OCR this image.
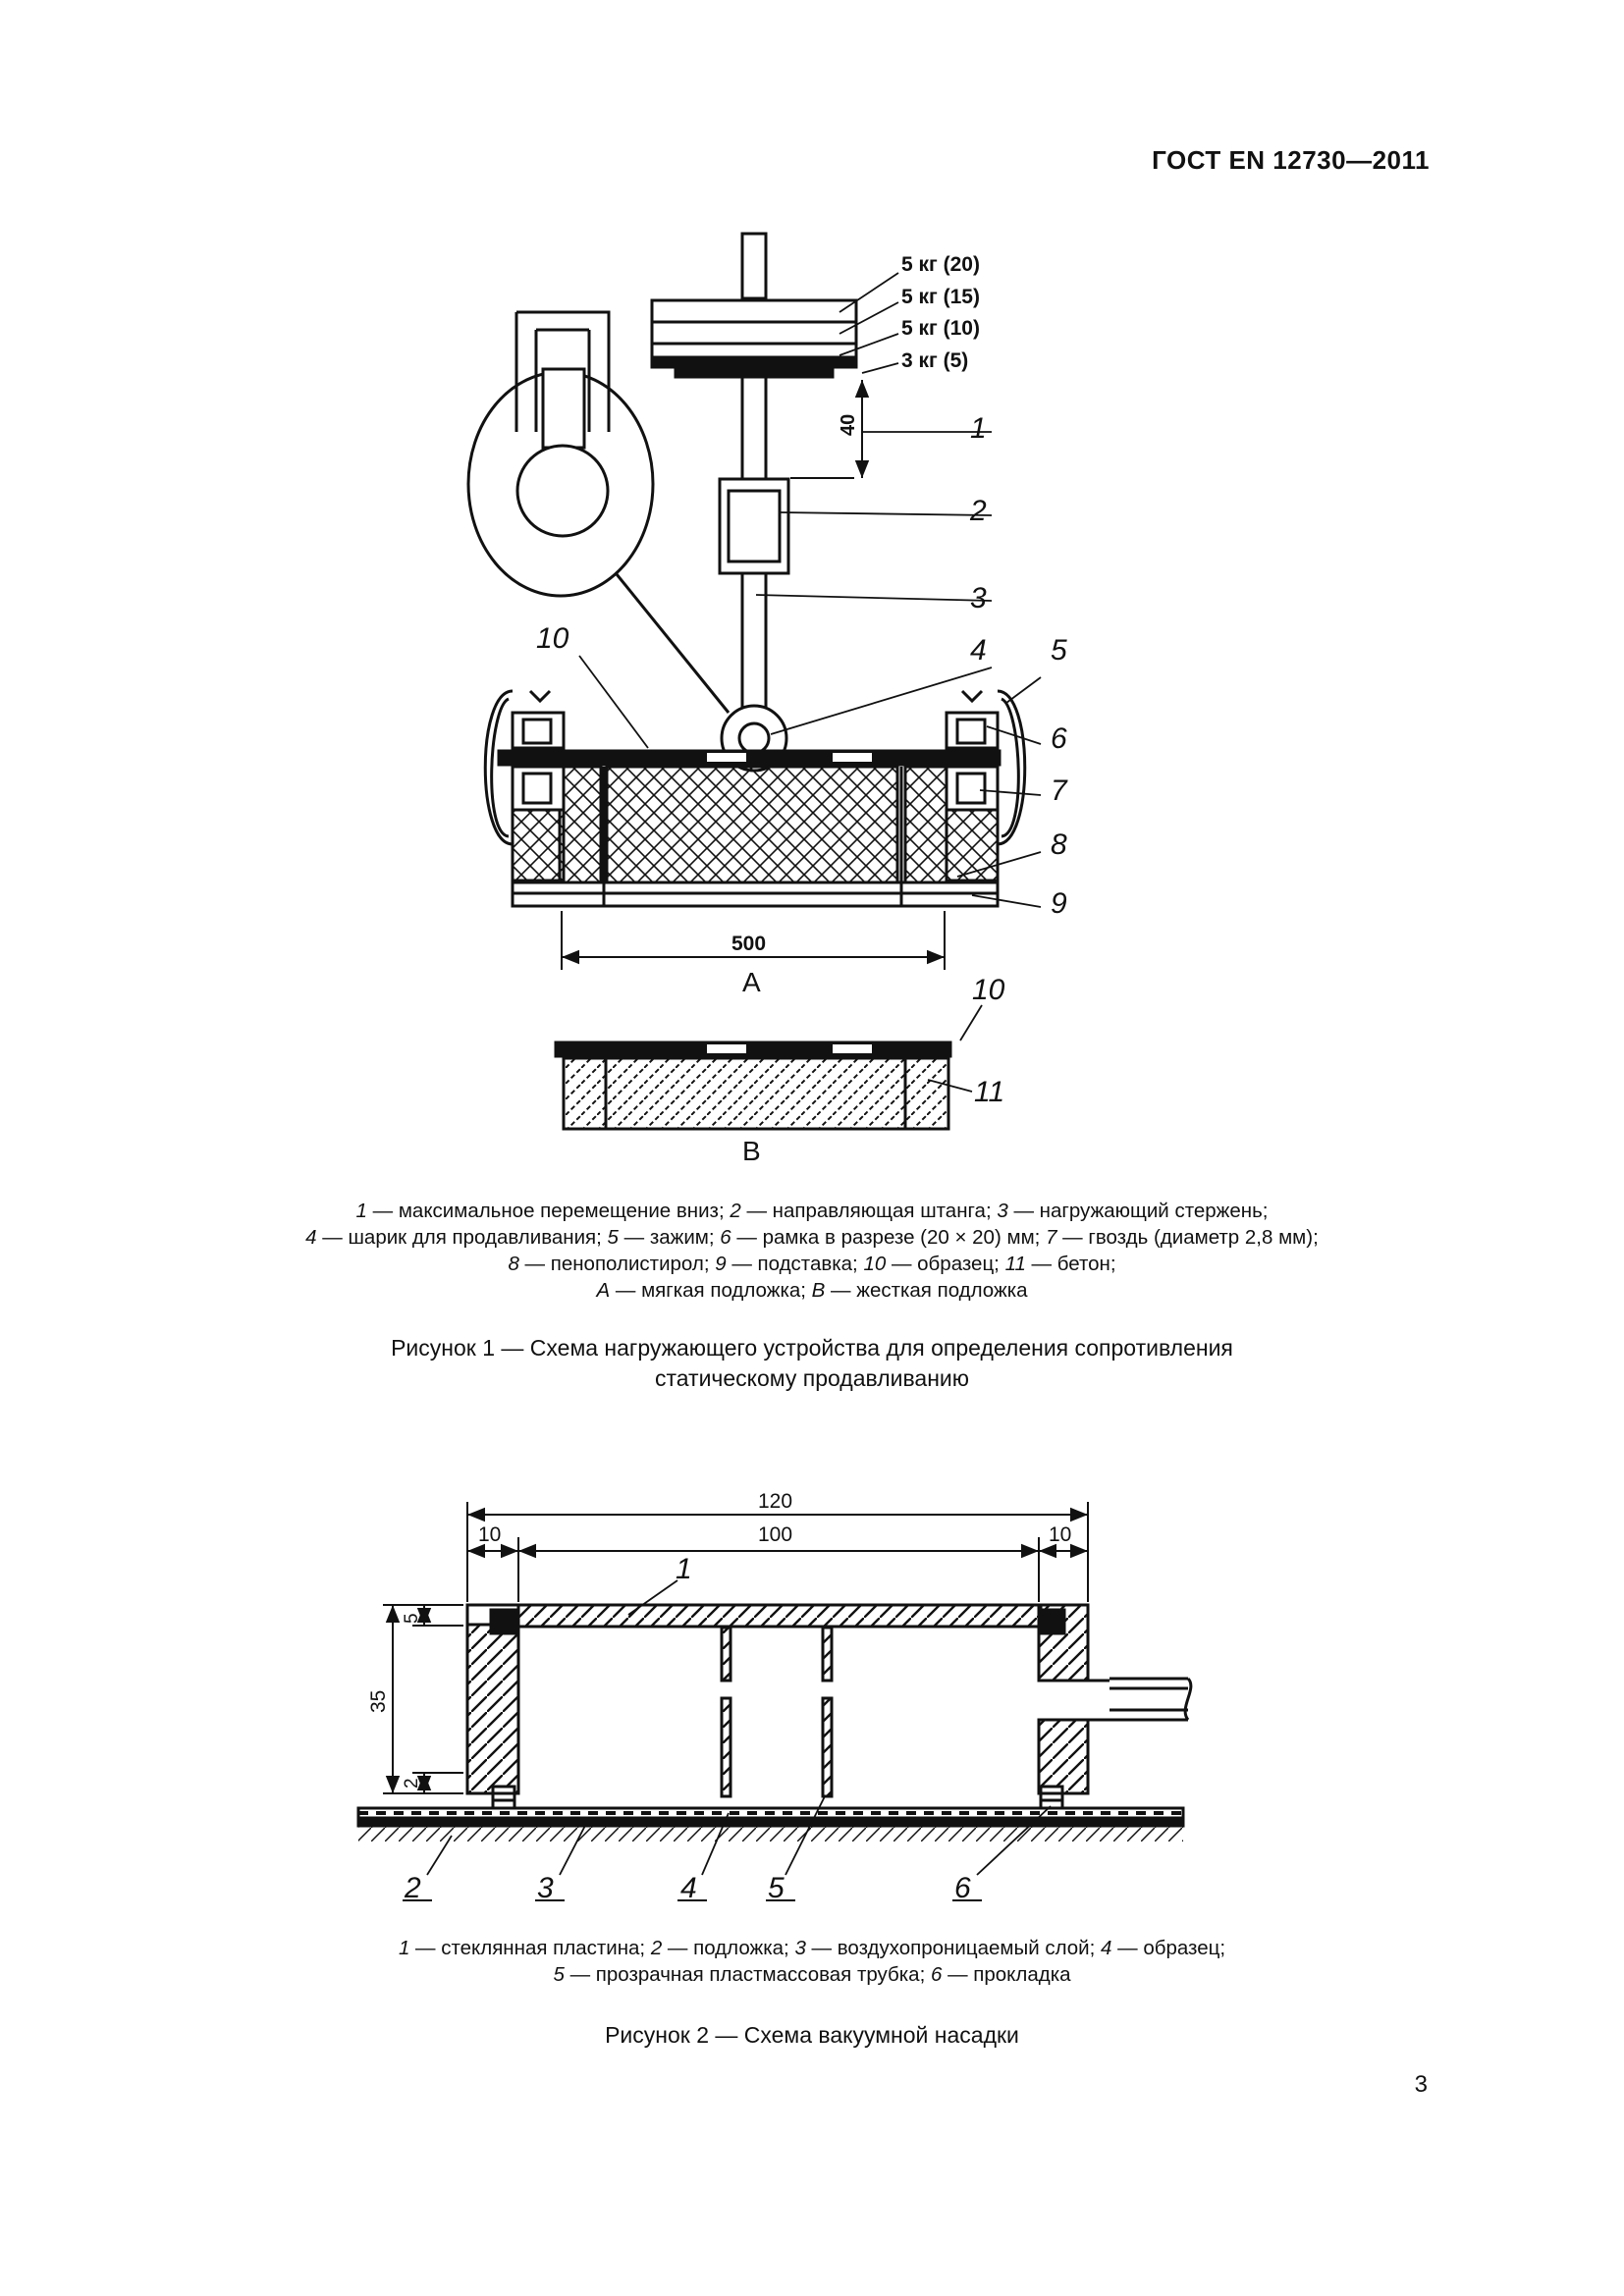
ГОСТ EN 12730—2011
5 кг (20)
5 кг (15)
5 кг (10)
3 кг (5)
40	1
2
3
4 5
6
7
8
9
10
10
11
500
А
В
1 — максимальное перемещение вниз; 2 — направляющая штанга; 3 — нагружающий стержень;
4 — шарик для продавливания; 5 — зажим; 6 — рамка в разрезе (20 × 20) мм; 7 — гвоздь (диаметр 2,8 мм);
8 — пенополистирол; 9 — подставка; 10 — образец; 11 — бетон;
А — мягкая подложка; В — жесткая подложка
Рисунок 1 — Схема нагружающего устройства для определения сопротивления
статическому продавливанию
120
10	100	10
35
5
2
1
2	3	4 5	6
1 — стеклянная пластина; 2 — подложка; 3 — воздухопроницаемый слой; 4 — образец;
5 — прозрачная пластмассовая трубка; 6 — прокладка
Рисунок 2 — Схема вакуумной насадки
3
